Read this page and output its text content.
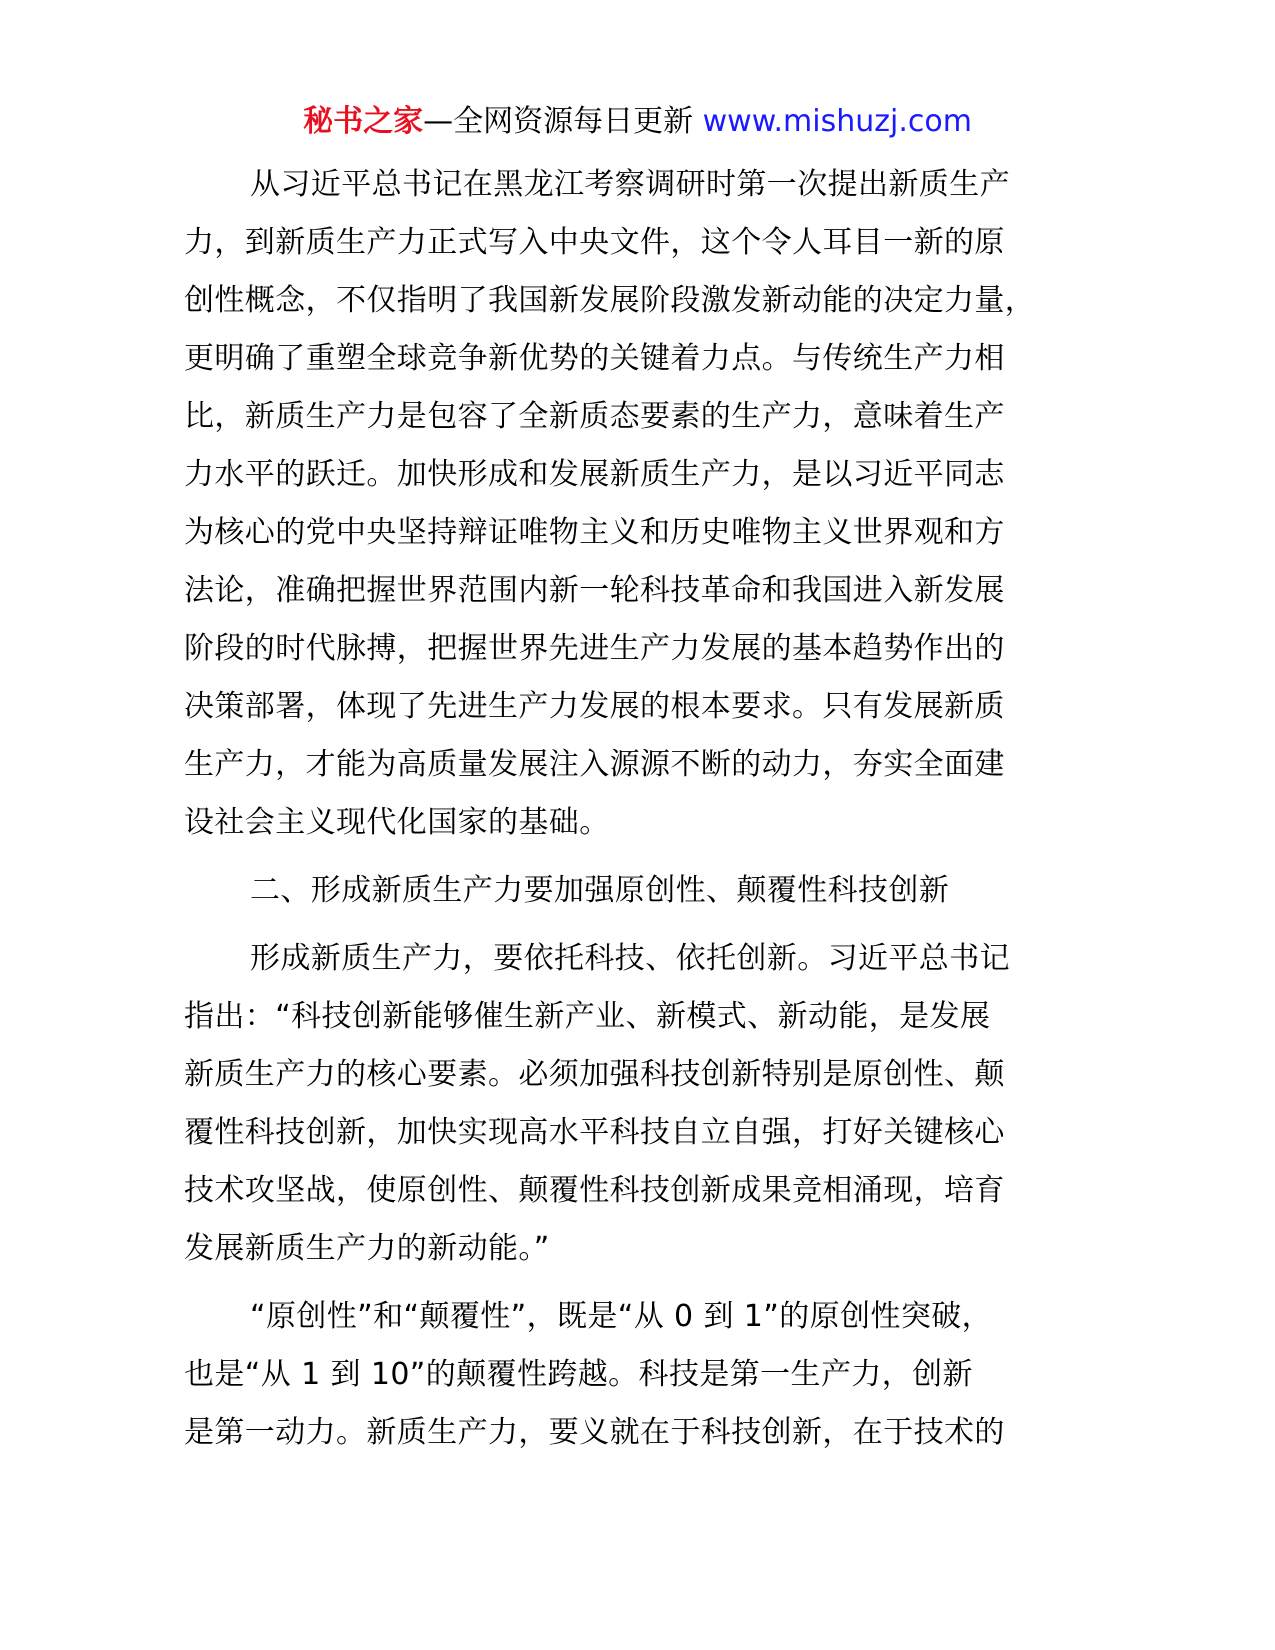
秘书之家—全网资源每日更新 www.mishuzj.com
从习近平总书记在黑龙江考察调研时第一次提出新质生产
力，到新质生产力正式写入中央文件，这个令人耳目一新的原
创性概念，不仅指明了我国新发展阶段激发新动能的决定力量，
更明确了重塑全球竞争新优势的关键着力点。与传统生产力相
比，新质生产力是包容了全新质态要素的生产力，意味着生产
力水平的跃迁。加快形成和发展新质生产力，是以习近平同志
为核心的党中央坚持辩证唯物主义和历史唯物主义世界观和方
法论，准确把握世界范围内新一轮科技革命和我国进入新发展
阶段的时代脉搏，把握世界先进生产力发展的基本趋势作出的
决策部署，体现了先进生产力发展的根本要求。只有发展新质
生产力，才能为高质量发展注入源源不断的动力，夯实全面建
设社会主义现代化国家的基础。
二、形成新质生产力要加强原创性、颠覆性科技创新
形成新质生产力，要依托科技、依托创新。习近平总书记
指出：“科技创新能够催生新产业、新模式、新动能，是发展
新质生产力的核心要素。必须加强科技创新特别是原创性、颠
覆性科技创新，加快实现高水平科技自立自强，打好关键核心
技术攻坚战，使原创性、颠覆性科技创新成果竞相涌现，培育
发展新质生产力的新动能。”
“原创性”和“颠覆性”，既是“从 0 到 1”的原创性突破，
也是“从 1 到 10”的颠覆性跨越。科技是第一生产力，创新
是第一动力。新质生产力，要义就在于科技创新，在于技术的
